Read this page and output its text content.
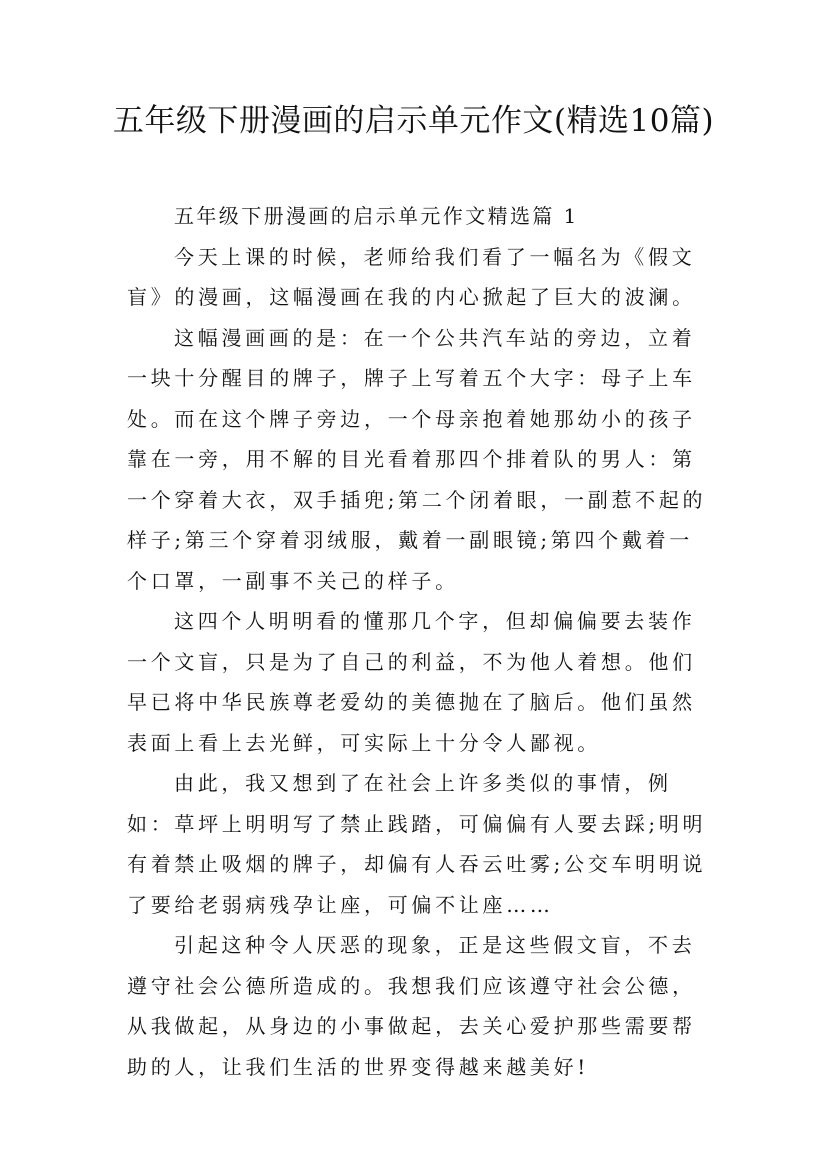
五年级下册漫画的启示单元作文(精选10篇)

五年级下册漫画的启示单元作文精选篇 1

今天上课的时候，老师给我们看了一幅名为《假文盲》的漫画，这幅漫画在我的内心掀起了巨大的波澜。

这幅漫画画的是：在一个公共汽车站的旁边，立着一块十分醒目的牌子，牌子上写着五个大字：母子上车处。而在这个牌子旁边，一个母亲抱着她那幼小的孩子靠在一旁，用不解的目光看着那四个排着队的男人：第一个穿着大衣，双手插兜;第二个闭着眼，一副惹不起的样子;第三个穿着羽绒服，戴着一副眼镜;第四个戴着一个口罩，一副事不关己的样子。

这四个人明明看的懂那几个字，但却偏偏要去装作一个文盲，只是为了自己的利益，不为他人着想。他们早已将中华民族尊老爱幼的美德抛在了脑后。他们虽然表面上看上去光鲜，可实际上十分令人鄙视。

由此，我又想到了在社会上许多类似的事情，例如：草坪上明明写了禁止践踏，可偏偏有人要去踩;明明有着禁止吸烟的牌子，却偏有人吞云吐雾;公交车明明说了要给老弱病残孕让座，可偏不让座……

引起这种令人厌恶的现象，正是这些假文盲，不去遵守社会公德所造成的。我想我们应该遵守社会公德，从我做起，从身边的小事做起，去关心爱护那些需要帮助的人，让我们生活的世界变得越来越美好!
